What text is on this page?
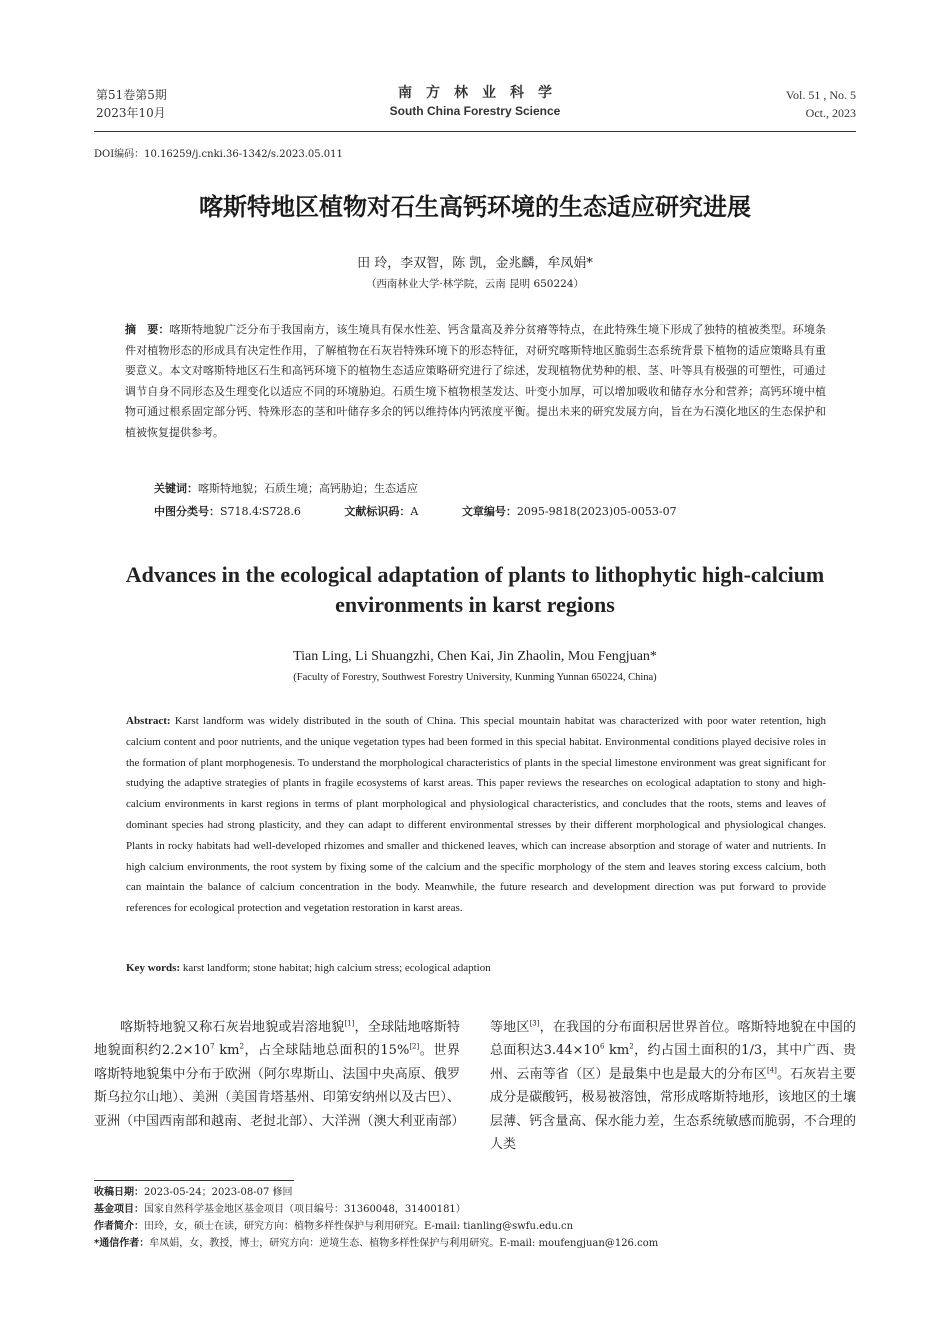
第51卷第5期
2023年10月
南方林业科学
South China Forestry Science
Vol. 51 , No. 5
Oct., 2023
DOI编码：10.16259/j.cnki.36-1342/s.2023.05.011
喀斯特地区植物对石生高钙环境的生态适应研究进展
田 玲，李双智，陈 凯，金兆麟，牟凤娟*
（西南林业大学·林学院，云南 昆明 650224）
摘　要：喀斯特地貌广泛分布于我国南方，该生境具有保水性差、钙含量高及养分贫瘠等特点，在此特殊生境下形成了独特的植被类型。环境条件对植物形态的形成具有决定性作用，了解植物在石灰岩特殊环境下的形态特征，对研究喀斯特地区脆弱生态系统背景下植物的适应策略具有重要意义。本文对喀斯特地区石生和高钙环境下的植物生态适应策略研究进行了综述，发现植物优势种的根、茎、叶等具有极强的可塑性，可通过调节自身不同形态及生理变化以适应不同的环境胁迫。石质生境下植物根茎发达、叶变小加厚，可以增加吸收和储存水分和营养；高钙环境中植物可通过根系固定部分钙、特殊形态的茎和叶储存多余的钙以维持体内钙浓度平衡。提出未来的研究发展方向，旨在为石漠化地区的生态保护和植被恢复提供参考。
关键词：喀斯特地貌；石质生境；高钙胁迫；生态适应
中图分类号：S718.4∶S728.6	文献标识码：A	文章编号：2095-9818(2023)05-0053-07
Advances in the ecological adaptation of plants to lithophytic high-calcium environments in karst regions
Tian Ling, Li Shuangzhi, Chen Kai, Jin Zhaolin, Mou Fengjuan*
(Faculty of Forestry, Southwest Forestry University, Kunming Yunnan 650224, China)
Abstract: Karst landform was widely distributed in the south of China. This special mountain habitat was characterized with poor water retention, high calcium content and poor nutrients, and the unique vegetation types had been formed in this special habitat. Environmental conditions played decisive roles in the formation of plant morphogenesis. To understand the morphological characteristics of plants in the special limestone environment was great significant for studying the adaptive strategies of plants in fragile ecosystems of karst areas. This paper reviews the researches on ecological adaptation to stony and high-calcium environments in karst regions in terms of plant morphological and physiological characteristics, and concludes that the roots, stems and leaves of dominant species had strong plasticity, and they can adapt to different environmental stresses by their different morphological and physiological changes. Plants in rocky habitats had well-developed rhizomes and smaller and thickened leaves, which can increase absorption and storage of water and nutrients. In high calcium environments, the root system by fixing some of the calcium and the specific morphology of the stem and leaves storing excess calcium, both can maintain the balance of calcium concentration in the body. Meanwhile, the future research and development direction was put forward to provide references for ecological protection and vegetation restoration in karst areas.
Key words: karst landform; stone habitat; high calcium stress; ecological adaption
喀斯特地貌又称石灰岩地貌或岩溶地貌[1]，全球陆地喀斯特地貌面积约$2.2\times 10^7$ $km^2$，占全球陆地总面积的15%[2]。世界喀斯特地貌集中分布于欧洲（阿尔卑斯山、法国中央高原、俄罗斯乌拉尔山地）、美洲（美国肯塔基州、印第安纳州以及古巴）、亚洲（中国西南部和越南、老挝北部）、大洋洲（澳大利亚南部）
等地区[3]，在我国的分布面积居世界首位。喀斯特地貌在中国的总面积达$3.44\times 10^6$ $km^2$，约占国土面积的1/3，其中广西、贵州、云南等省（区）是最集中也是最大的分布区[4]。石灰岩主要成分是碳酸钙，极易被溶蚀，常形成喀斯特地形，该地区的土壤层薄、钙含量高、保水能力差，生态系统敏感而脆弱，不合理的人类
收稿日期：2023-05-24；2023-08-07 修回
基金项目：国家自然科学基金地区基金项目（项目编号：31360048，31400181）
作者简介：田玲，女，硕士在读，研究方向：植物多样性保护与利用研究。E-mail: tianling@swfu.edu.cn
*通信作者：牟凤娟，女，教授，博士，研究方向：逆境生态、植物多样性保护与利用研究。E-mail: moufengjuan@126.com
